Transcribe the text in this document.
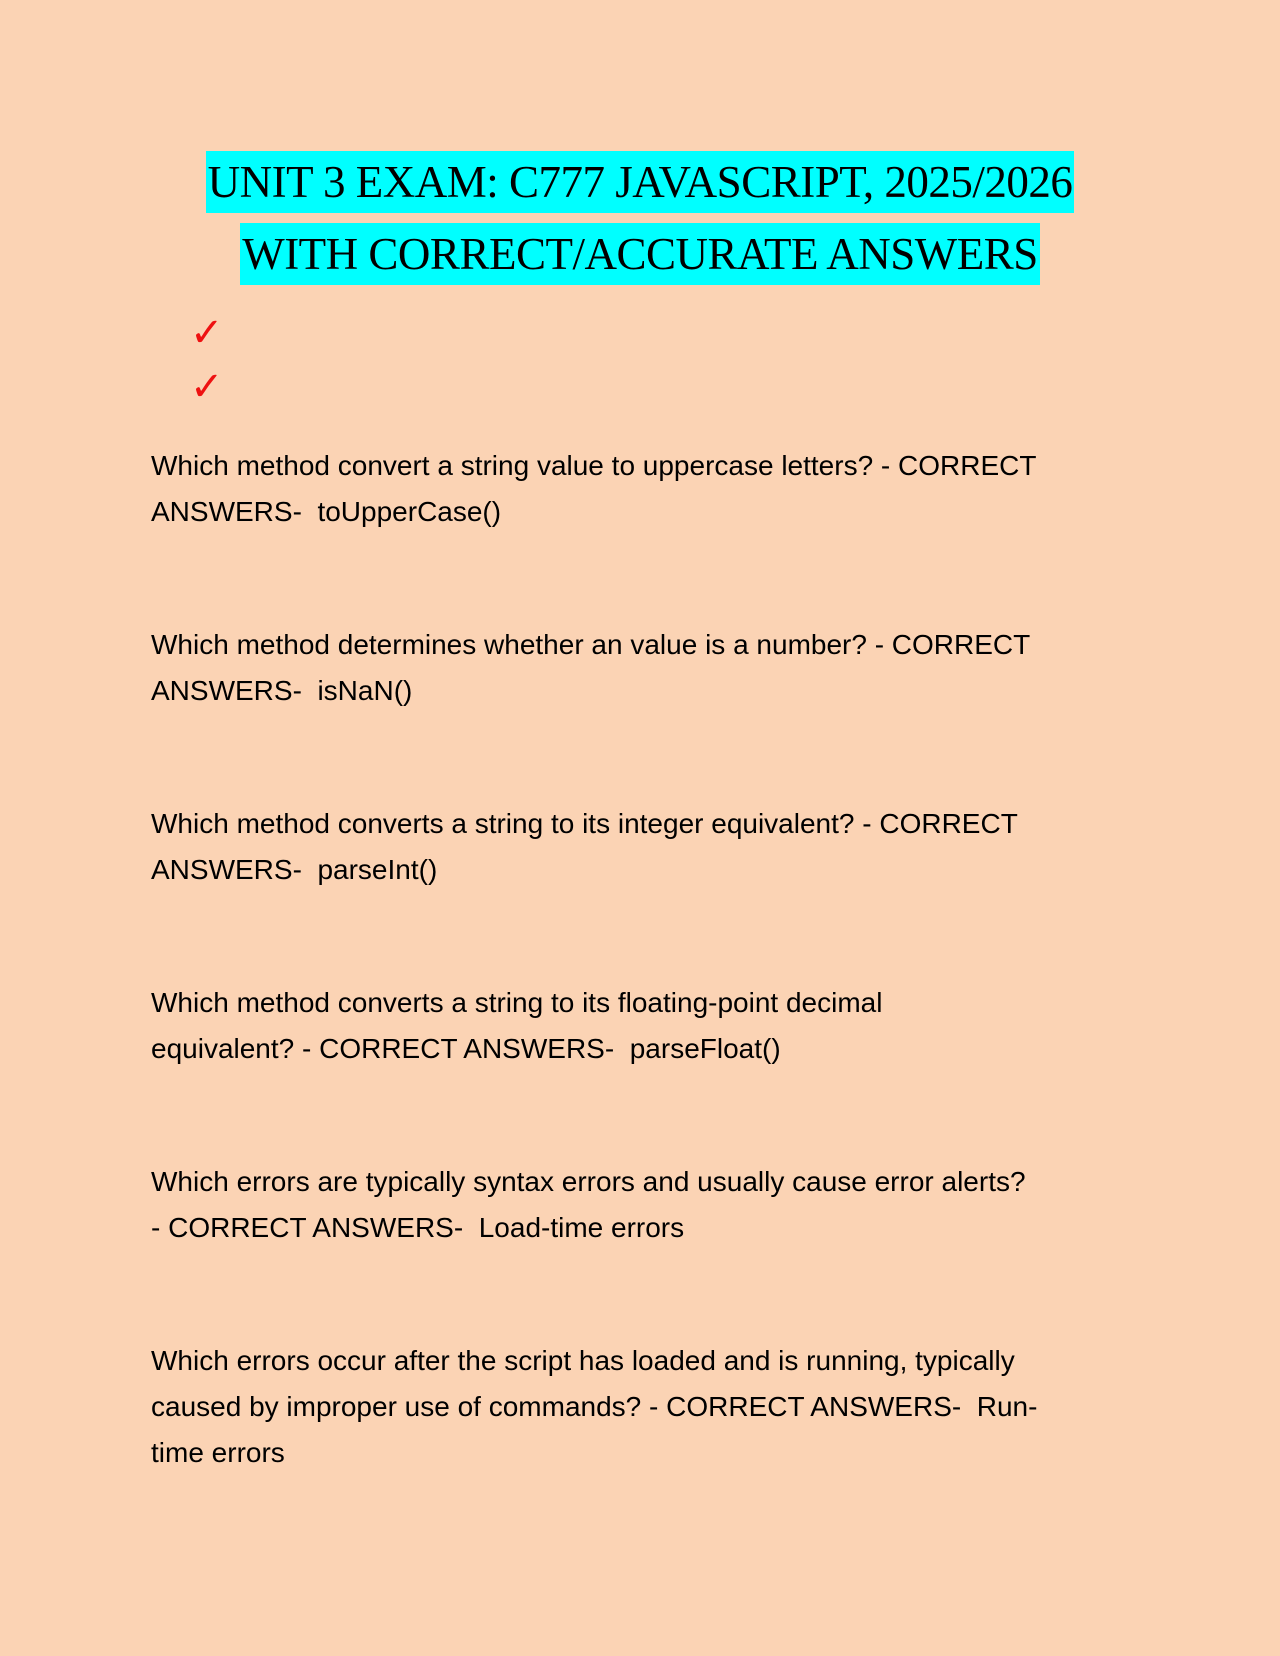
UNIT 3 EXAM: C777 JAVASCRIPT, 2025/2026
WITH CORRECT/ACCURATE ANSWERS
✓
✓
Which method convert a string value to uppercase letters? - CORRECT
ANSWERS-  toUpperCase()
Which method determines whether an value is a number? - CORRECT
ANSWERS-  isNaN()
Which method converts a string to its integer equivalent? - CORRECT
ANSWERS-  parseInt()
Which method converts a string to its floating-point decimal
equivalent? - CORRECT ANSWERS-  parseFloat()
Which errors are typically syntax errors and usually cause error alerts?
- CORRECT ANSWERS-  Load-time errors
Which errors occur after the script has loaded and is running, typically
caused by improper use of commands? - CORRECT ANSWERS-  Run-
time errors
